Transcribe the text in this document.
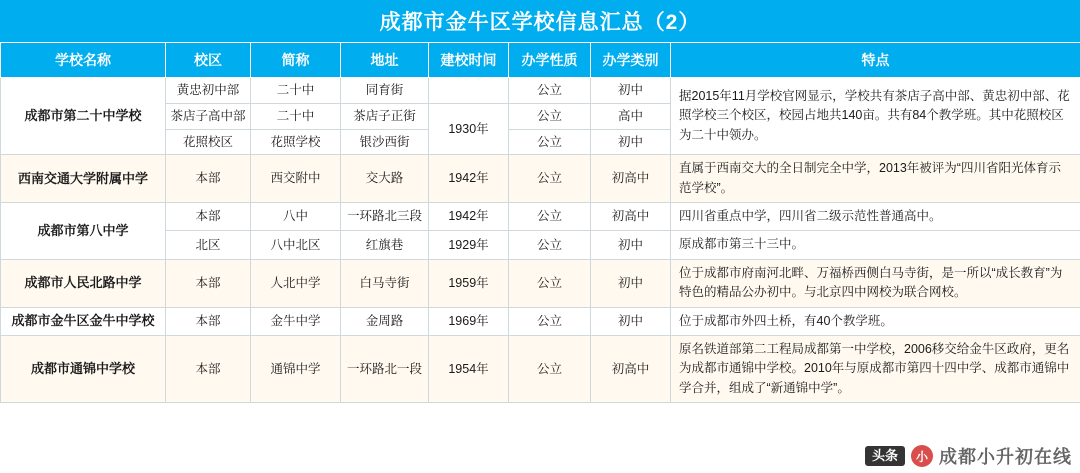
成都市金牛区学校信息汇总（2）
学校名称	校区	简称	地址	建校时间	办学性质	办学类别	特点
成都市第二十中学校	黄忠初中部	二十中	同育街		公立	初中	据2015年11月学校官网显示，学校共有茶店子高中部、黄忠初中部、花照学校三个校区，校园占地共140亩。共有84个教学班。其中花照校区为二十中领办。
	茶店子高中部	二十中	茶店子正街	1930年	公立	高中	
	花照校区	花照学校	银沙西街		公立	初中	
西南交通大学附属中学	本部	西交附中	交大路	1942年	公立	初高中	直属于西南交大的全日制完全中学，2013年被评为“四川省阳光体育示范学校”。
成都市第八中学	本部	八中	一环路北三段	1942年	公立	初高中	四川省重点中学，四川省二级示范性普通高中。
	北区	八中北区	红旗巷	1929年	公立	初中	原成都市第三十三中。
成都市人民北路中学	本部	人北中学	白马寺街	1959年	公立	初中	位于成都市府南河北畔、万福桥西侧白马寺街，是一所以“成长教育”为特色的精品公办初中。与北京四中网校为联合网校。
成都市金牛区金牛中学校	本部	金牛中学	金周路	1969年	公立	初中	位于成都市外四土桥，有40个教学班。
成都市通锦中学校	本部	通锦中学	一环路北一段	1954年	公立	初高中	原名铁道部第二工程局成都第一中学校，2006移交给金牛区政府，更名为成都市通锦中学校。2010年与原成都市第四十四中学、成都市通锦中学合并，组成了“新通锦中学”。
头条	小 成都小升初在线
